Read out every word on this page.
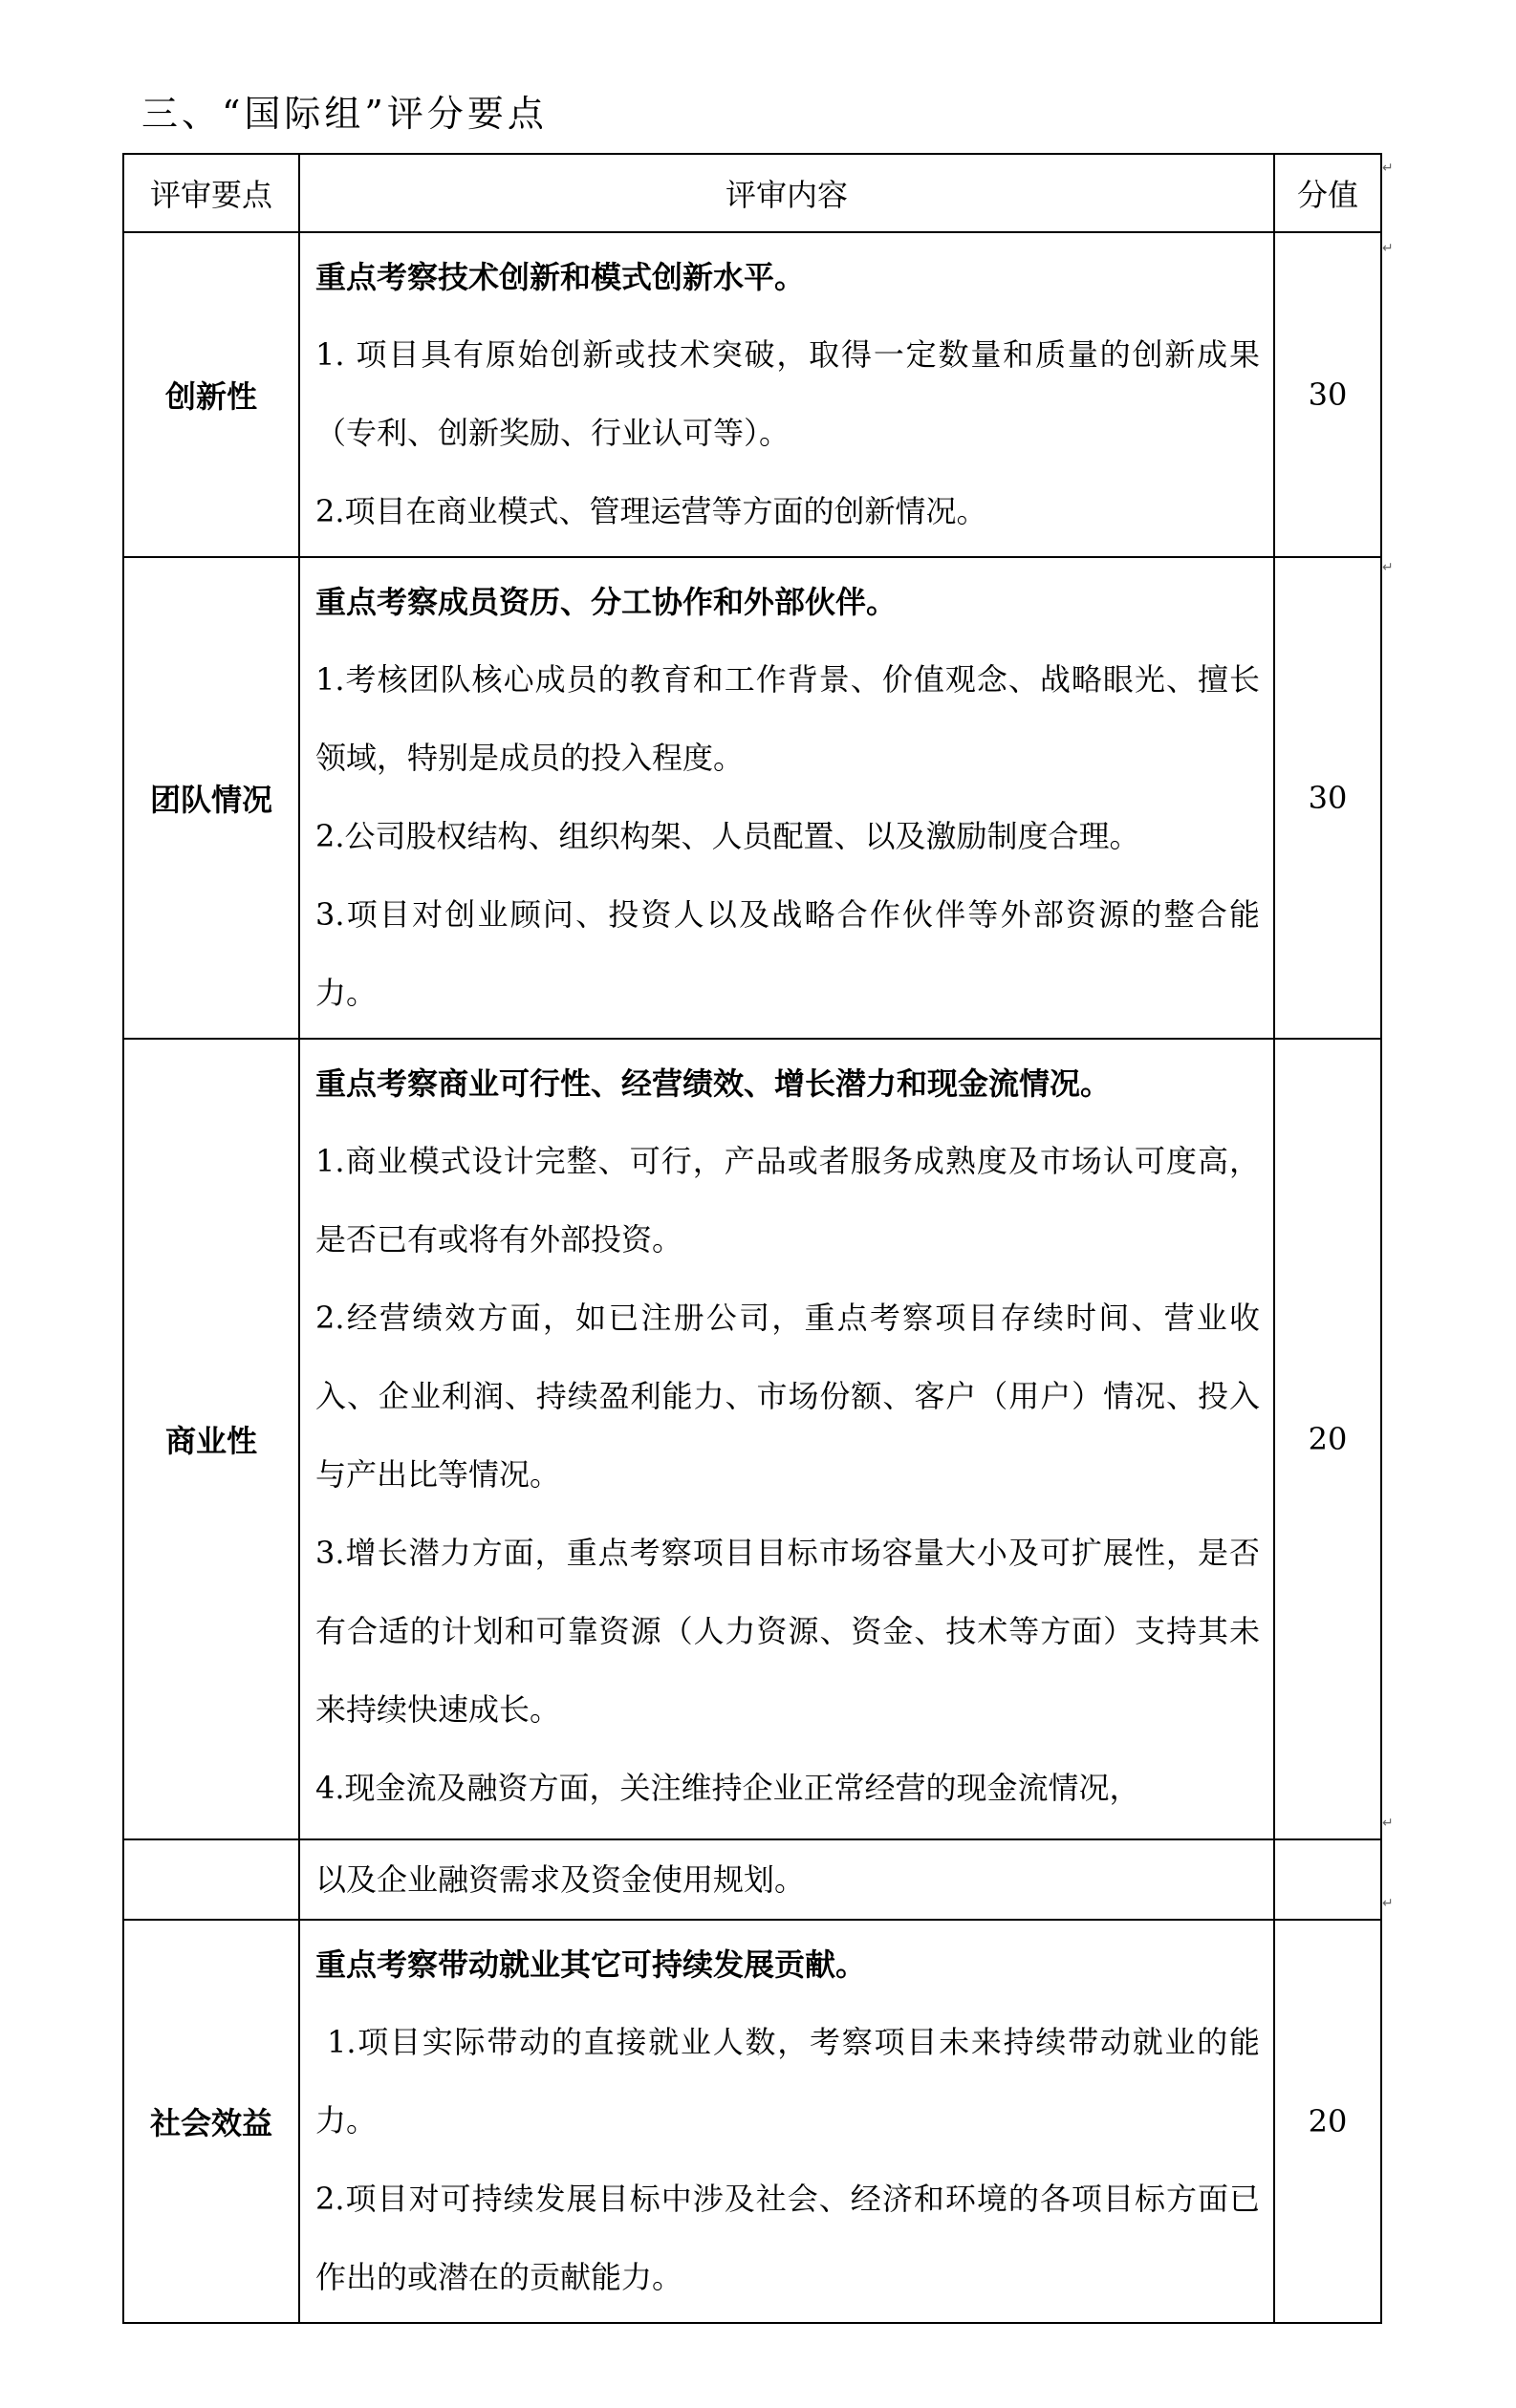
三、“国际组”评分要点
评审要点	评审内容	分值
创新性	重点考察技术创新和模式创新水平。
1. 项目具有原始创新或技术突破，取得一定数量和质量的创新成果（专利、创新奖励、行业认可等）。
2.项目在商业模式、管理运营等方面的创新情况。	30
团队情况	重点考察成员资历、分工协作和外部伙伴。
1.考核团队核心成员的教育和工作背景、价值观念、战略眼光、擅长领域，特别是成员的投入程度。
2.公司股权结构、组织构架、人员配置、以及激励制度合理。
3.项目对创业顾问、投资人以及战略合作伙伴等外部资源的整合能力。	30
商业性	重点考察商业可行性、经营绩效、增长潜力和现金流情况。
1.商业模式设计完整、可行，产品或者服务成熟度及市场认可度高，是否已有或将有外部投资。
2.经营绩效方面，如已注册公司，重点考察项目存续时间、营业收入、企业利润、持续盈利能力、市场份额、客户（用户）情况、投入与产出比等情况。
3.增长潜力方面，重点考察项目目标市场容量大小及可扩展性，是否有合适的计划和可靠资源（人力资源、资金、技术等方面）支持其未来持续快速成长。
4.现金流及融资方面，关注维持企业正常经营的现金流情况，	20
	以及企业融资需求及资金使用规划。	
社会效益	重点考察带动就业其它可持续发展贡献。
1.项目实际带动的直接就业人数，考察项目未来持续带动就业的能力。
2.项目对可持续发展目标中涉及社会、经济和环境的各项目标方面已作出的或潜在的贡献能力。	20
↵
↵
↵
↵
↵
